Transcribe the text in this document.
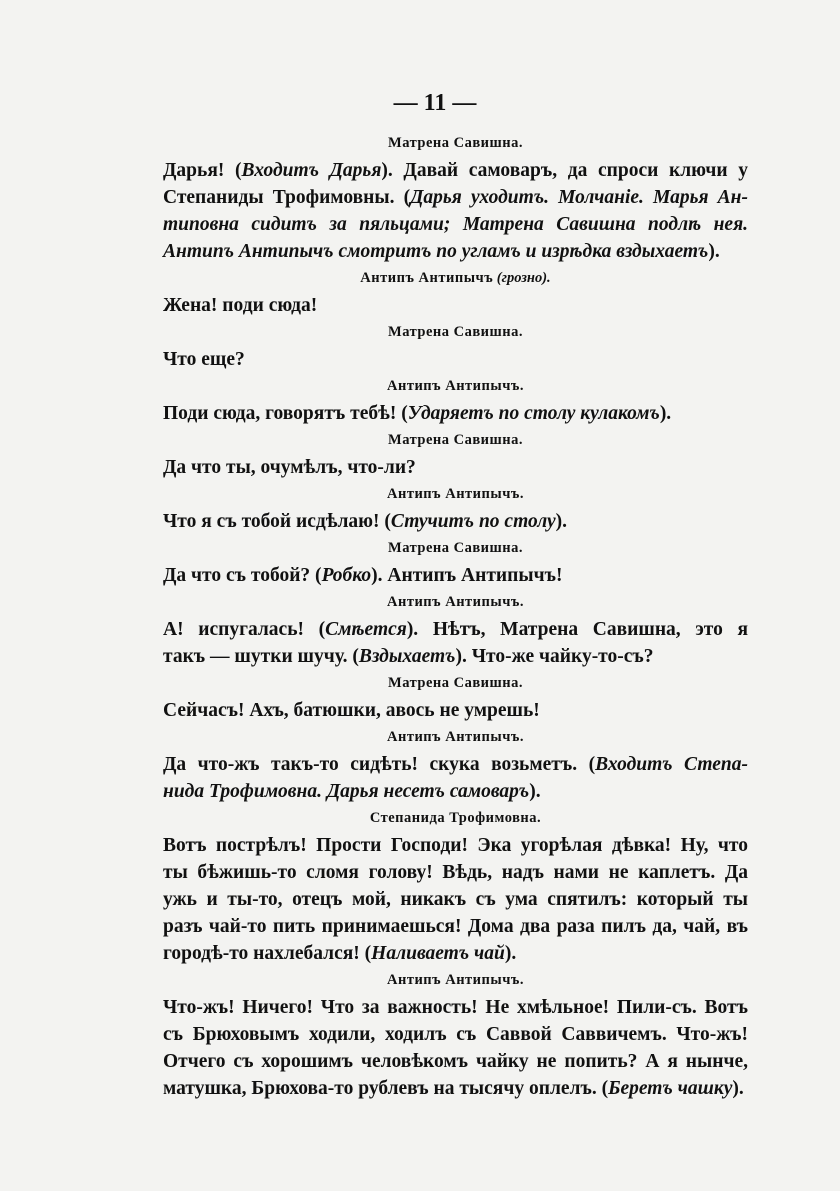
— 11 —
Матрена Савишна.
Дарья! (Входитъ Дарья). Давай самоваръ, да спроси ключи у
Степаниды Трофимовны. (Дарья уходитъ. Молчаніе. Марья Ан-
типовна сидитъ за пяльцами; Матрена Савишна подлѣ нея.
Антипъ Антипычъ смотритъ по угламъ и изрѣдка вздыхаетъ).
Антипъ Антипычъ (грозно).
Жена! поди сюда!
Матрена Савишна.
Что еще?
Антипъ Антипычъ.
Поди сюда, говорятъ тебѣ! (Ударяетъ по столу кулакомъ).
Матрена Савишна.
Да что ты, очумѣлъ, что-ли?
Антипъ Антипычъ.
Что я съ тобой исдѣлаю! (Стучитъ по столу).
Матрена Савишна.
Да что съ тобой? (Робко). Антипъ Антипычъ!
Антипъ Антипычъ.
А! испугалась! (Смѣется). Нѣтъ, Матрена Савишна, это я
такъ — шутки шучу. (Вздыхаетъ). Что-же чайку-то-съ?
Матрена Савишна.
Сейчасъ! Ахъ, батюшки, авось не умрешь!
Антипъ Антипычъ.
Да что-жъ такъ-то сидѣть! скука возьметъ. (Входитъ Степа-
нида Трофимовна. Дарья несетъ самоваръ).
Степанида Трофимовна.
Вотъ пострѣлъ! Прости Господи! Эка угорѣлая дѣвка! Ну, что
ты бѣжишь-то сломя голову! Вѣдь, надъ нами не каплетъ. Да
ужь и ты-то, отецъ мой, никакъ съ ума спятилъ: который ты
разъ чай-то пить принимаешься! Дома два раза пилъ да, чай, въ
городѣ-то нахлебался! (Наливаетъ чай).
Антипъ Антипычъ.
Что-жъ! Ничего! Что за важность! Не хмѣльное! Пили-съ. Вотъ
съ Брюховымъ ходили, ходилъ съ Саввой Саввичемъ. Что-жъ!
Отчего съ хорошимъ человѣкомъ чайку не попить? А я нынче,
матушка, Брюхова-то рублевъ на тысячу оплелъ. (Беретъ чашку).
